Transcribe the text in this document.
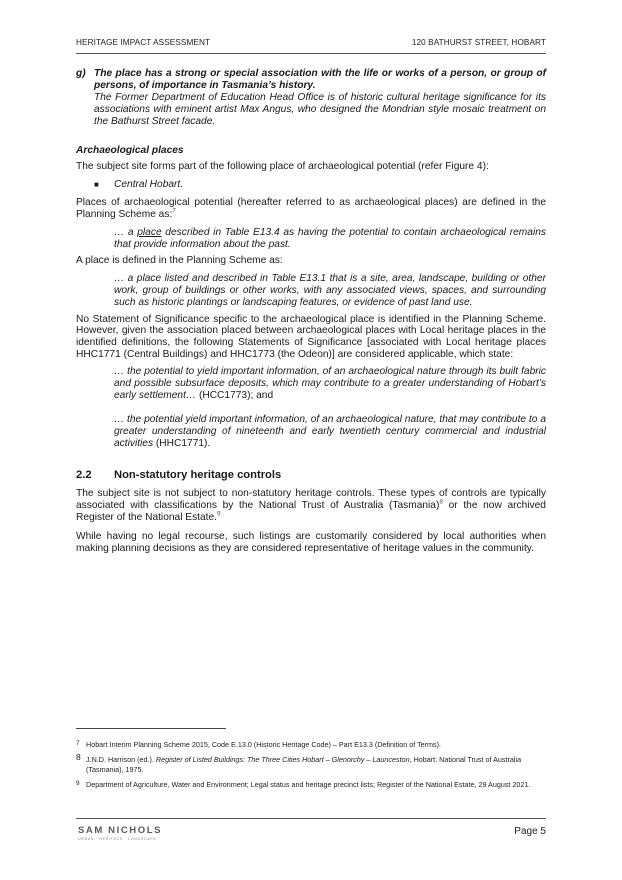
HERITAGE IMPACT ASSESSMENT	120 BATHURST STREET, HOBART
g) The place has a strong or special association with the life or works of a person, or group of persons, of importance in Tasmania’s history.

The Former Department of Education Head Office is of historic cultural heritage significance for its associations with eminent artist Max Angus, who designed the Mondrian style mosaic treatment on the Bathurst Street facade.

Archaeological places

The subject site forms part of the following place of archaeological potential (refer Figure 4):

■ Central Hobart.

Places of archaeological potential (hereafter referred to as archaeological places) are defined in the Planning Scheme as:$^7$

… a place described in Table E13.4 as having the potential to contain archaeological remains that provide information about the past.

A place is defined in the Planning Scheme as:

… a place listed and described in Table E13.1 that is a site, area, landscape, building or other work, group of buildings or other works, with any associated views, spaces, and surrounding such as historic plantings or landscaping features, or evidence of past land use.

No Statement of Significance specific to the archaeological place is identified in the Planning Scheme. However, given the association placed between archaeological places with Local heritage places in the identified definitions, the following Statements of Significance [associated with Local heritage places HHC1771 (Central Buildings) and HHC1773 (the Odeon)] are considered applicable, which state:

… the potential to yield important information, of an archaeological nature through its built fabric and possible subsurface deposits, which may contribute to a greater understanding of Hobart’s early settlement… (HCC1773); and

… the potential yield important information, of an archaeological nature, that may contribute to a greater understanding of nineteenth and early twentieth century commercial and industrial activities (HHC1771).

2.2 Non-statutory heritage controls

The subject site is not subject to non-statutory heritage controls. These types of controls are typically associated with classifications by the National Trust of Australia (Tasmania)$^8$ or the now archived Register of the National Estate.$^9$

While having no legal recourse, such listings are customarily considered by local authorities when making planning decisions as they are considered representative of heritage values in the community.

7 Hobart Interim Planning Scheme 2015, Code E.13.0 (Historic Heritage Code) – Part E13.3 (Definition of Terms).

8 J.N.D. Harrison (ed.). Register of Listed Buildings: The Three Cities Hobart – Glenorchy – Launceston, Hobart: National Trust of Australia (Tasmania), 1975.

9 Department of Agriculture, Water and Environment; Legal status and heritage precinct lists; Register of the National Estate, 29 August 2021.

SAM NICHOLS
URBAN · HERITAGE · LANDSCAPE
Page 5
